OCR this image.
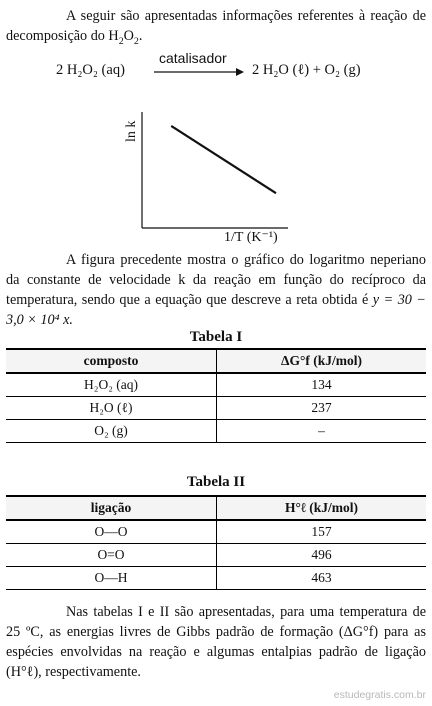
A seguir são apresentadas informações referentes à reação de decomposição do $H_2O_2$.

2 H₂O₂ (aq)
catalisador
2 H₂O (ℓ) + O₂ (g)
ln k
1/T (K⁻¹)

A figura precedente mostra o gráfico do logaritmo neperiano da constante de velocidade k da reação em função do recíproco da temperatura, sendo que a equação que descreve a reta obtida é y = 30 − 3,0 × 10⁴ x.

Tabela I
composto	ΔG°f (kJ/mol)
H₂O₂ (aq)	134
H₂O (ℓ)	237
O₂ (g)	–
Tabela II
ligação	H°ℓ (kJ/mol)
O—O	157
O=O	496
O—H	463

Nas tabelas I e II são apresentadas, para uma temperatura de 25 ºC, as energias livres de Gibbs padrão de formação (ΔG°f) para as espécies envolvidas na reação e algumas entalpias padrão de ligação (H°ℓ), respectivamente.

estudegratis.com.br
